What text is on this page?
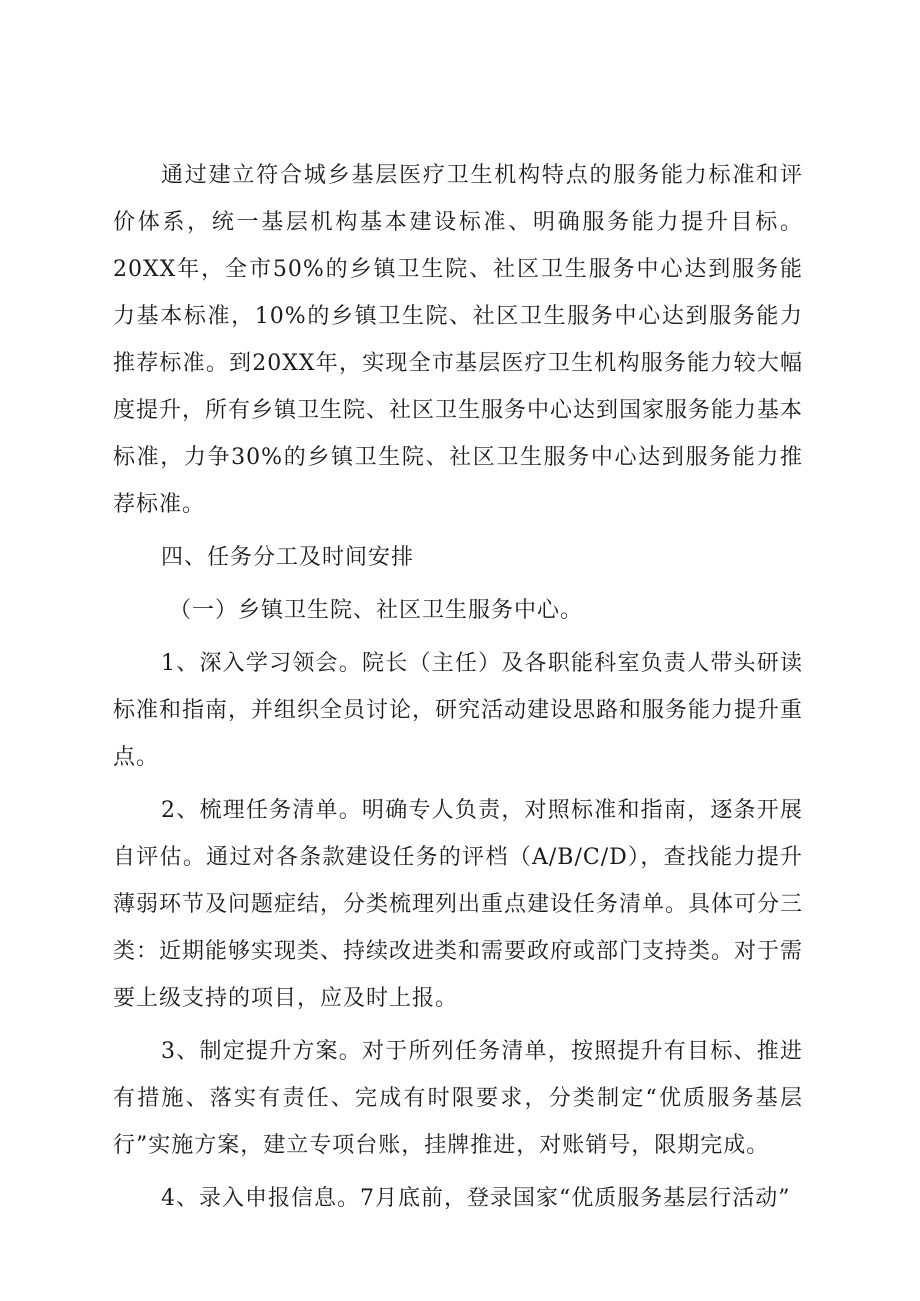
通过建立符合城乡基层医疗卫生机构特点的服务能力标准和评价体系，统一基层机构基本建设标准、明确服务能力提升目标。20XX年，全市50%的乡镇卫生院、社区卫生服务中心达到服务能力基本标准，10%的乡镇卫生院、社区卫生服务中心达到服务能力推荐标准。到20XX年，实现全市基层医疗卫生机构服务能力较大幅度提升，所有乡镇卫生院、社区卫生服务中心达到国家服务能力基本标准，力争30%的乡镇卫生院、社区卫生服务中心达到服务能力推荐标准。

四、任务分工及时间安排

（一）乡镇卫生院、社区卫生服务中心。

1、深入学习领会。院长（主任）及各职能科室负责人带头研读标准和指南，并组织全员讨论，研究活动建设思路和服务能力提升重点。

2、梳理任务清单。明确专人负责，对照标准和指南，逐条开展自评估。通过对各条款建设任务的评档（A/B/C/D），查找能力提升薄弱环节及问题症结，分类梳理列出重点建设任务清单。具体可分三类：近期能够实现类、持续改进类和需要政府或部门支持类。对于需要上级支持的项目，应及时上报。

3、制定提升方案。对于所列任务清单，按照提升有目标、推进有措施、落实有责任、完成有时限要求，分类制定“优质服务基层行”实施方案，建立专项台账，挂牌推进，对账销号，限期完成。

4、录入申报信息。7月底前，登录国家“优质服务基层行活动”
